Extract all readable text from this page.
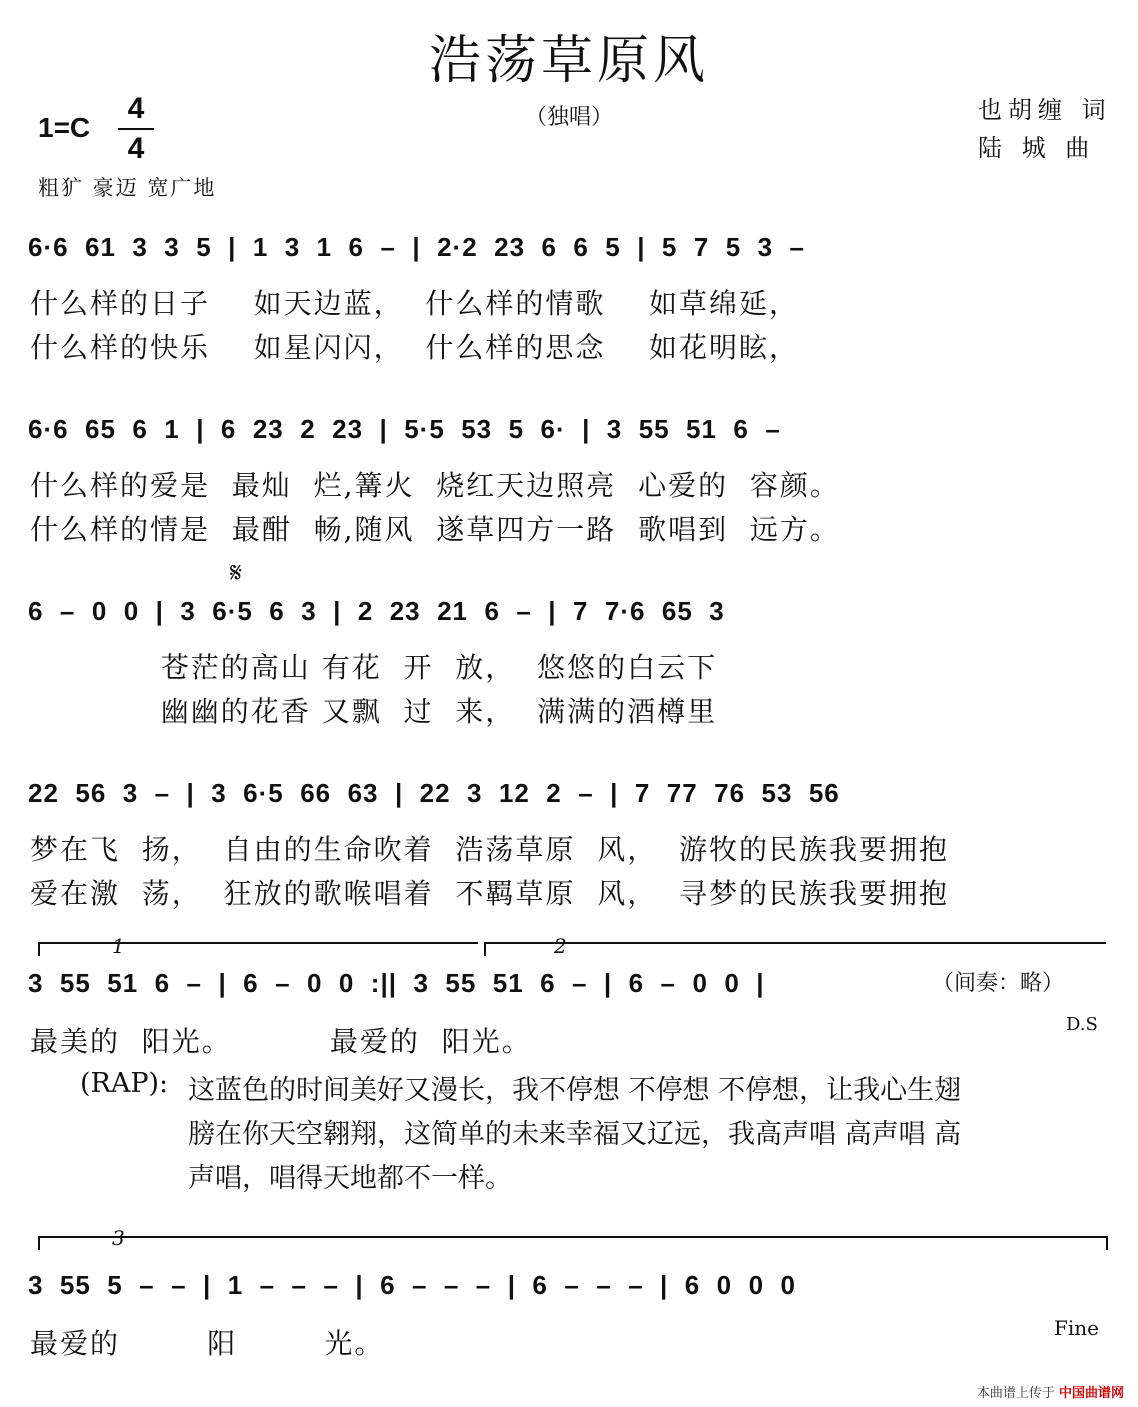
浩荡草原风
1=C
4
4
（独唱）	也胡缠 词
陆 城 曲
粗犷 豪迈 宽广地
6·6  61  3  3  5  |  1  3  1  6  –  |  2·2  23  6  6  5  |  5  7  5  3  –
什么样的日子    如天边蓝，  什么样的情歌    如草绵延，
什么样的快乐    如星闪闪，  什么样的思念    如花明眩，
6·6  65  6  1  |  6  23  2  23  |  5·5  53  5  6·  |  3  55  51  6  –
什么样的爱是  最灿  烂,篝火  烧红天边照亮  心爱的  容颜。
什么样的情是  最酣  畅,随风  遂草四方一路  歌唱到  远方。
𝄋
6  –  0  0  |  3  6·5  6  3  |  2  23  21  6  –  |  7  7·6  65  3
苍茫的高山 有花  开  放，  悠悠的白云下
幽幽的花香 又飘  过  来，  满满的酒樽里
22  56  3  –  |  3  6·5  66  63  |  22  3  12  2  –  |  7  77  76  53  56
梦在飞  扬，  自由的生命吹着  浩荡草原  风，  游牧的民族我要拥抱
爱在激  荡，  狂放的歌喉唱着  不羁草原  风，  寻梦的民族我要拥抱
1	2
3  55  51  6  –  |  6  –  0  0  :||  3  55  51  6  –  |  6  –  0  0  |	（间奏：略）
D.S
最美的  阳光。         最爱的  阳光。
(RAP): 这蓝色的时间美好又漫长，我不停想 不停想 不停想，让我心生翅
膀在你天空翱翔，这简单的未来幸福又辽远，我高声唱 高声唱 高
声唱，唱得天地都不一样。
3
3  55  5  –  –  |  1  –  –  –  |  6  –  –  –  |  6  –  –  –  |  6  0  0  0
Fine
最爱的        阳        光。
本曲谱上传于 中国曲谱网
